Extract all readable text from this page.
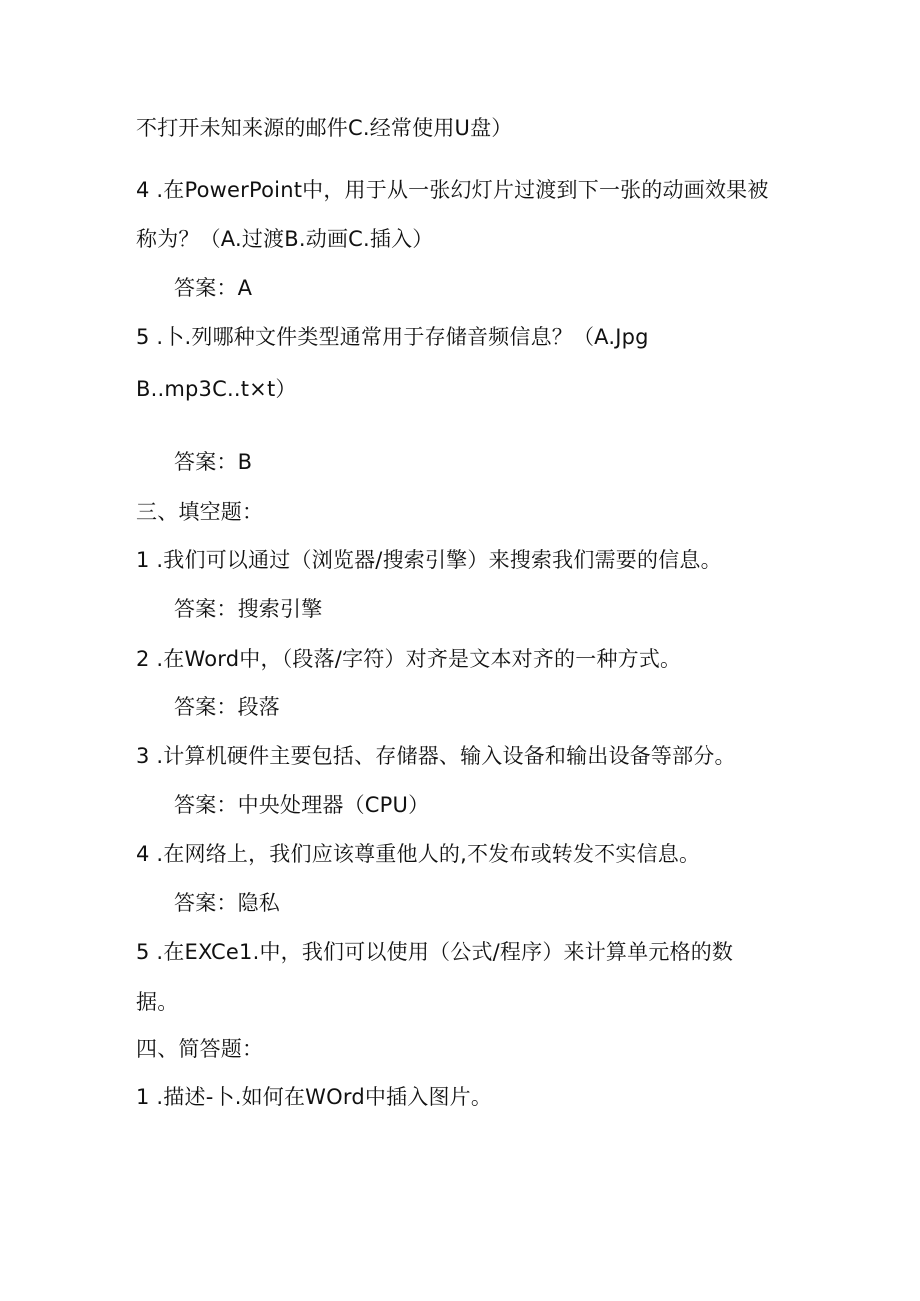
不打开未知来源的邮件C.经常使用U盘）
4 .在PowerPoint中，用于从一张幻灯片过渡到下一张的动画效果被
称为？（A.过渡B.动画C.插入）
答案：A
5 .卜.列哪种文件类型通常用于存储音频信息？（A.Jpg
B..mp3C..t×t）
答案：B
三、填空题：
1 .我们可以通过（浏览器/搜索引擎）来搜索我们需要的信息。
答案：搜索引擎
2 .在Word中，（段落/字符）对齐是文本对齐的一种方式。
答案：段落
3 .计算机硬件主要包括、存储器、输入设备和输出设备等部分。
答案：中央处理器（CPU）
4 .在网络上，我们应该尊重他人的,不发布或转发不实信息。
答案：隐私
5 .在EXCe1.中，我们可以使用（公式/程序）来计算单元格的数
据。
四、简答题：
1 .描述-卜.如何在WOrd中插入图片。
